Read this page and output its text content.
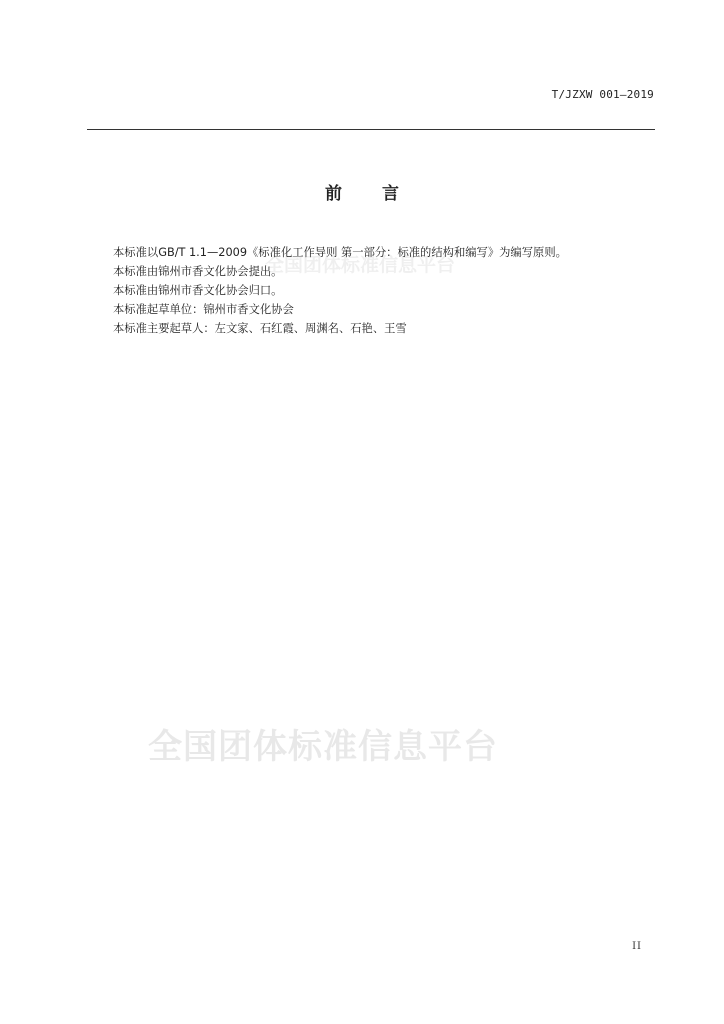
T/JZXW 001—2019
前 言
全国团体标准信息平台

本标准以GB/T 1.1—2009《标准化工作导则 第一部分：标准的结构和编写》为编写原则。

本标准由锦州市香文化协会提出。

本标准由锦州市香文化协会归口。

本标准起草单位：锦州市香文化协会

本标准主要起草人：左文家、石红霞、周渊名、石艳、王雪

全国团体标准信息平台
II
